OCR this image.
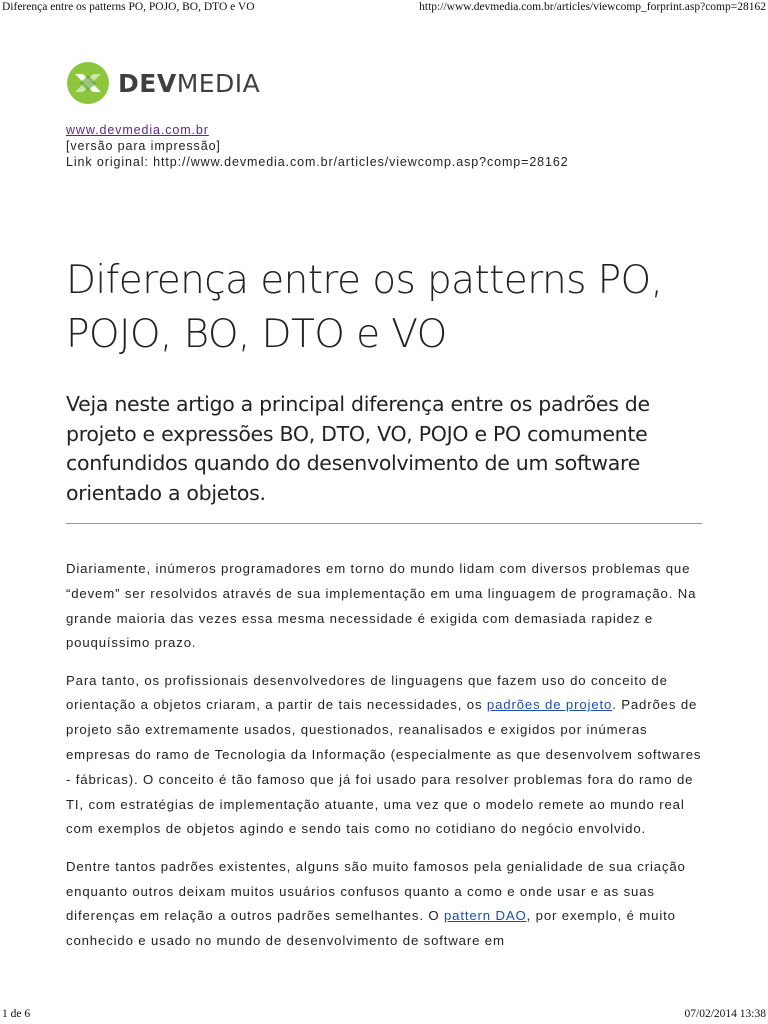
Diferença entre os patterns PO, POJO, BO, DTO e VO	http://www.devmedia.com.br/articles/viewcomp_forprint.asp?comp=28162
DEVMEDIA
www.devmedia.com.br
[versão para impressão]
Link original: http://www.devmedia.com.br/articles/viewcomp.asp?comp=28162
Diferença entre os patterns PO,
POJO, BO, DTO e VO

Veja neste artigo a principal diferença entre os padrões de projeto e expressões BO, DTO, VO, POJO e PO comumente confundidos quando do desenvolvimento de um software orientado a objetos.

Diariamente, inúmeros programadores em torno do mundo lidam com diversos problemas que “devem” ser resolvidos através de sua implementação em uma linguagem de programação. Na grande maioria das vezes essa mesma necessidade é exigida com demasiada rapidez e pouquíssimo prazo.

Para tanto, os profissionais desenvolvedores de linguagens que fazem uso do conceito de orientação a objetos criaram, a partir de tais necessidades, os padrões de projeto. Padrões de projeto são extremamente usados, questionados, reanalisados e exigidos por inúmeras empresas do ramo de Tecnologia da Informação (especialmente as que desenvolvem softwares - fábricas). O conceito é tão famoso que já foi usado para resolver problemas fora do ramo de TI, com estratégias de implementação atuante, uma vez que o modelo remete ao mundo real com exemplos de objetos agindo e sendo tais como no cotidiano do negócio envolvido.

Dentre tantos padrões existentes, alguns são muito famosos pela genialidade de sua criação enquanto outros deixam muitos usuários confusos quanto a como e onde usar e as suas diferenças em relação a outros padrões semelhantes. O pattern DAO, por exemplo, é muito conhecido e usado no mundo de desenvolvimento de software em

1 de 6	07/02/2014 13:38
